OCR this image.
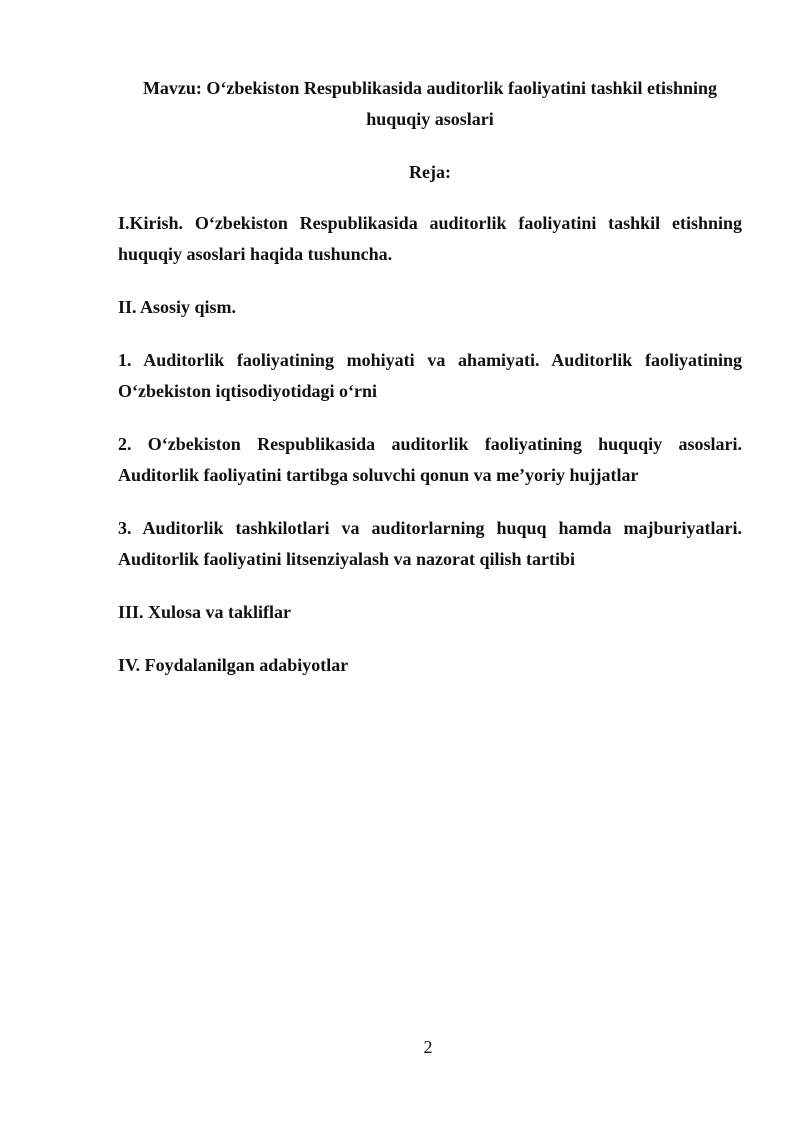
Mavzu: O‘zbekiston Respublikasida auditorlik faoliyatini tashkil etishning huquqiy asoslari
Reja:
I.Kirish. O‘zbekiston Respublikasida auditorlik faoliyatini tashkil etishning huquqiy asoslari haqida tushuncha.
II. Asosiy qism.
1. Auditorlik faoliyatining mohiyati va ahamiyati. Auditorlik faoliyatining O‘zbekiston iqtisodiyotidagi o‘rni
2. O‘zbekiston Respublikasida auditorlik faoliyatining huquqiy asoslari. Auditorlik faoliyatini tartibga soluvchi qonun va me’yoriy hujjatlar
3. Auditorlik tashkilotlari va auditorlarning huquq hamda majburiyatlari. Auditorlik faoliyatini litsenziyalash va nazorat qilish tartibi
III. Xulosa va takliflar
IV. Foydalanilgan adabiyotlar
2
